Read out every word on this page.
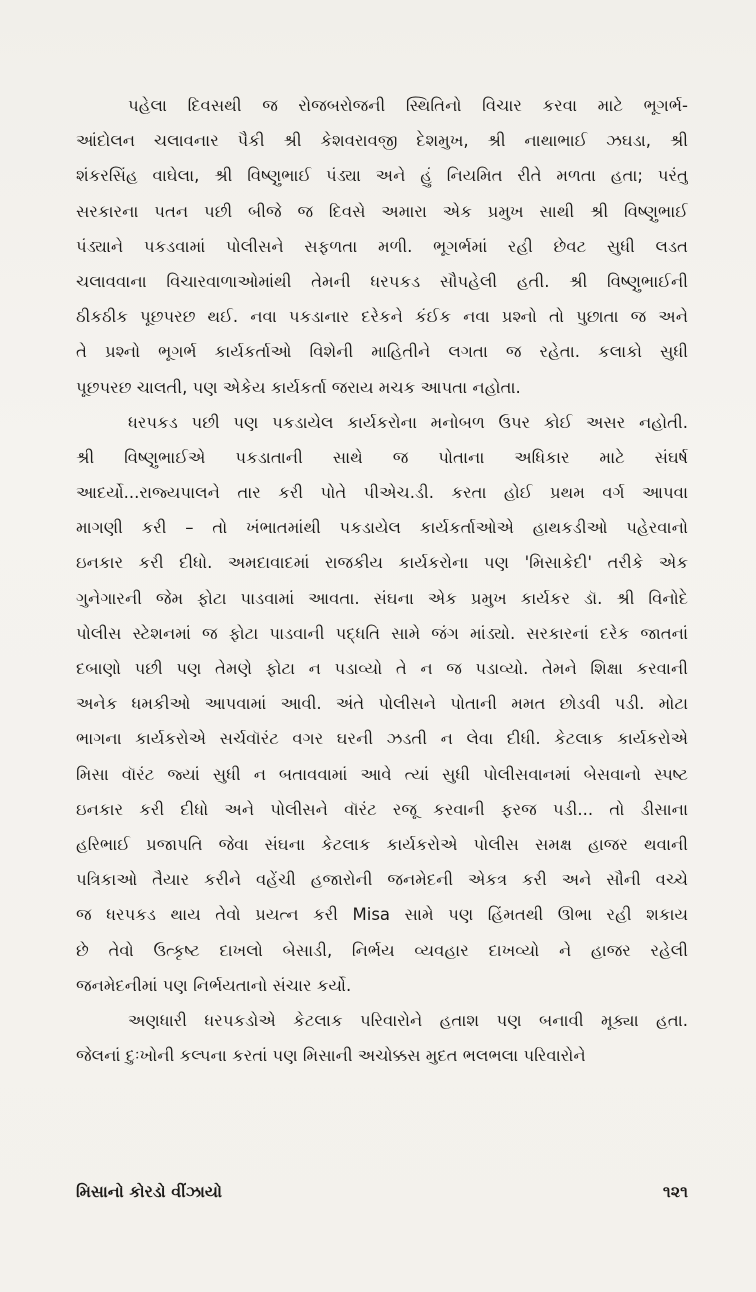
પહેલા દિવસથી જ રોજબરોજની સ્થિતિનો વિચાર કરવા માટે ભૂગર્ભ-
આંદોલન ચલાવનાર પૈકી શ્રી કેશવરાવજી દેશમુખ, શ્રી નાથાભાઈ ઝઘડા, શ્રી
શંકરસિંહ વાઘેલા, શ્રી વિષ્ણુભાઈ પંડ્યા અને હું નિયમિત રીતે મળતા હતા; પરંતુ
સરકારના પતન પછી બીજે જ દિવસે અમારા એક પ્રમુખ સાથી શ્રી વિષ્ણુભાઈ
પંડ્યાને પકડવામાં પોલીસને સફળતા મળી. ભૂગર્ભમાં રહી છેવટ સુધી લડત
ચલાવવાના વિચારવાળાઓમાંથી તેમની ધરપકડ સૌપહેલી હતી. શ્રી વિષ્ણુભાઈની
ઠીકઠીક પૂછપરછ થઈ. નવા પકડાનાર દરેકને કંઈક નવા પ્રશ્નો તો પુછાતા જ અને
તે પ્રશ્નો ભૂગર્ભ કાર્યકર્તાઓ વિશેની માહિતીને લગતા જ રહેતા. કલાકો સુધી
પૂછપરછ ચાલતી, પણ એકેય કાર્યકર્તા જરાય મચક આપતા નહોતા.
ધરપકડ પછી પણ પકડાયેલ કાર્યકરોના મનોબળ ઉપર કોઈ અસર નહોતી.
શ્રી વિષ્ણુભાઈએ પકડાતાની સાથે જ પોતાના અધિકાર માટે સંઘર્ષ
આદર્યો...રાજ્યપાલને તાર કરી પોતે પીએચ.ડી. કરતા હોઈ પ્રથમ વર્ગ આપવા
માગણી કરી – તો ખંભાતમાંથી પકડાયેલ કાર્યકર્તાઓએ હાથકડીઓ પહેરવાનો
ઇનકાર કરી દીધો. અમદાવાદમાં રાજકીય કાર્યકરોના પણ 'મિસાકેદી' તરીકે એક
ગુનેગારની જેમ ફોટા પાડવામાં આવતા. સંઘના એક પ્રમુખ કાર્યકર ડૉ. શ્રી વિનોદે
પોલીસ સ્ટેશનમાં જ ફોટા પાડવાની પદ્ધતિ સામે જંગ માંડ્યો. સરકારનાં દરેક જાતનાં
દબાણો પછી પણ તેમણે ફોટા ન પડાવ્યો તે ન જ પડાવ્યો. તેમને શિક્ષા કરવાની
અનેક ધમકીઓ આપવામાં આવી. અંતે પોલીસને પોતાની મમત છોડવી પડી. મોટા
ભાગના કાર્યકરોએ સર્ચવૉરંટ વગર ઘરની ઝડતી ન લેવા દીધી. કેટલાક કાર્યકરોએ
મિસા વૉરંટ જ્યાં સુધી ન બતાવવામાં આવે ત્યાં સુધી પોલીસવાનમાં બેસવાનો સ્પષ્ટ
ઇનકાર કરી દીધો અને પોલીસને વૉરંટ રજૂ કરવાની ફરજ પડી... તો ડીસાના
હરિભાઈ પ્રજાપતિ જેવા સંઘના કેટલાક કાર્યકરોએ પોલીસ સમક્ષ હાજર થવાની
પત્રિકાઓ તૈયાર કરીને વહેંચી હજારોની જનમેદની એકત્ર કરી અને સૌની વચ્ચે
જ ધરપકડ થાય તેવો પ્રયત્ન કરી Misa સામે પણ હિંમતથી ઊભા રહી શકાય
છે તેવો ઉત્કૃષ્ટ દાખલો બેસાડી, નિર્ભય વ્યવહાર દાખવ્યો ને હાજર રહેલી
જનમેદનીમાં પણ નિર્ભયતાનો સંચાર કર્યો.
અણધારી ધરપકડોએ કેટલાક પરિવારોને હતાશ પણ બનાવી મૂક્યા હતા.
જેલનાં દુઃખોની કલ્પના કરતાં પણ મિસાની અચોક્કસ મુદત ભલભલા પરિવારોને
મિસાનો કોરડો વીંઝાયો	૧૨૧
